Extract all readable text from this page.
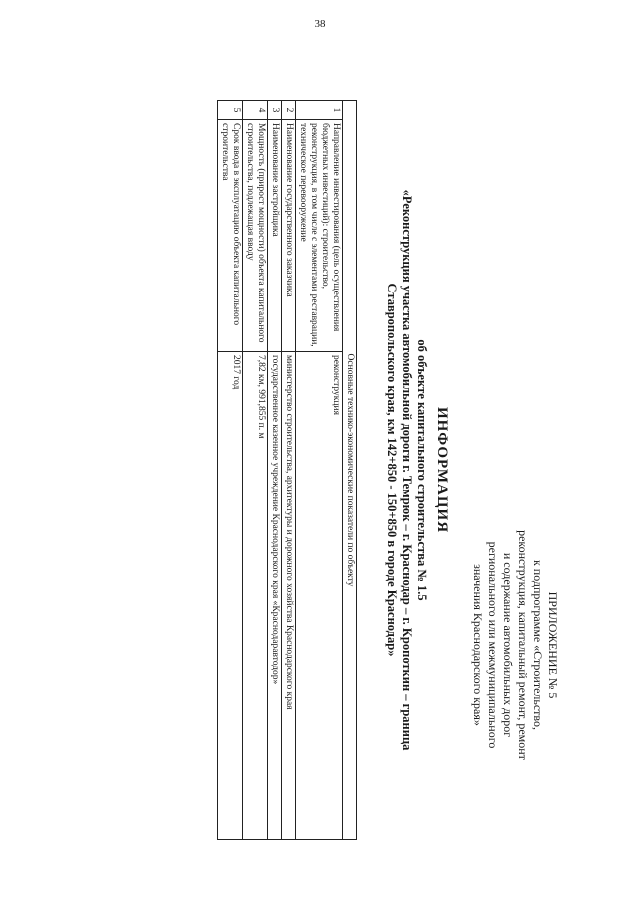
38
ПРИЛОЖЕНИЕ № 5
к подпрограмме «Строительство,
реконструкция, капитальный ремонт, ремонт
и содержание автомобильных дорог
регионального или межмуниципального
значения Краснодарского края»
ИНФОРМАЦИЯ
об объекте капитального строительства № 1.5
«Реконструкция участка автомобильной дороги г. Темрюк – г. Краснодар – г. Кропоткин – граница
Ставропольского края, км 142+850 - 150+850 в городе Краснодар»
Основные технико-экономические показатели по объекту		
1	Направление инвестирования (цель осуществления бюджетных инвестиций): строительство, реконструкция, в том числе с элементами реставрации, техническое перевооружение	реконструкция
2	Наименование государственного заказчика	министерство строительства, архитектуры и дорожного хозяйства Краснодарского края
3	Наименование застройщика	государственное казенное учреждение Краснодарского края «Краснодаравтодор»
4	Мощность (прирост мощности) объекта капитального строительства, подлежащая вводу	7,82 км, 991,855 п. м
5	Срок ввода в эксплуатацию объекта капитального строительства	2017 год
